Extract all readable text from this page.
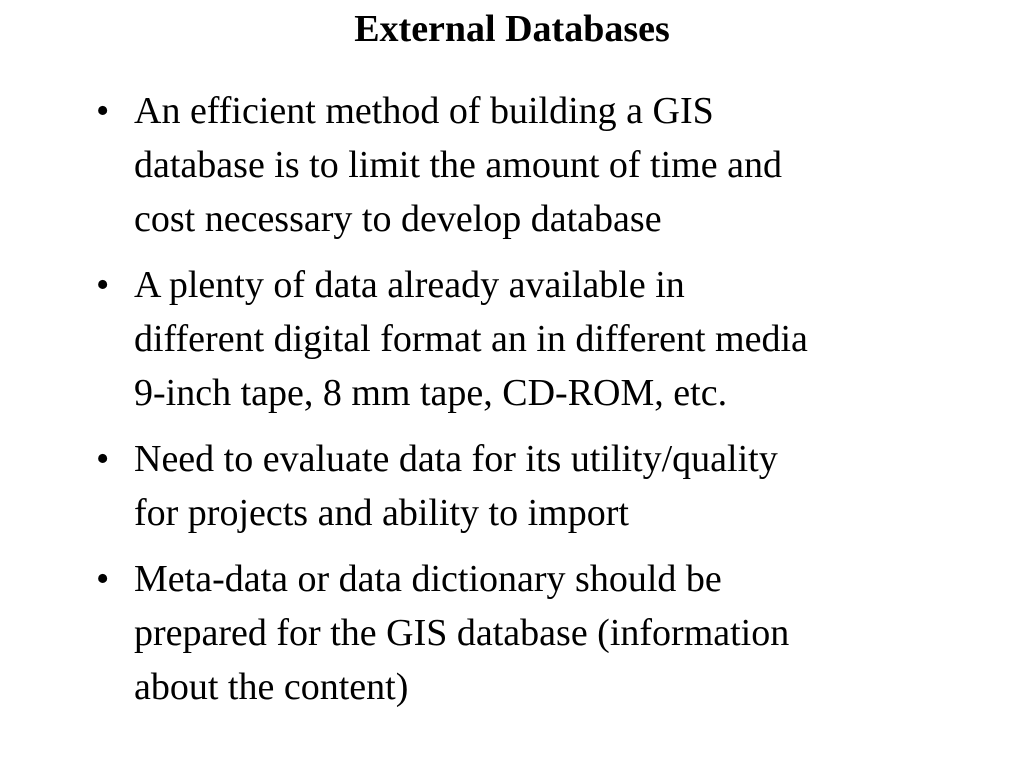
External Databases
• An efficient method of building a GIS
database is to limit the amount of time and
cost necessary to develop database
• A plenty of data already available in
different digital format an in different media
9-inch tape, 8 mm tape, CD-ROM, etc.
• Need to evaluate data for its utility/quality
for projects and ability to import
• Meta-data or data dictionary should be
prepared for the GIS database (information
about the content)
